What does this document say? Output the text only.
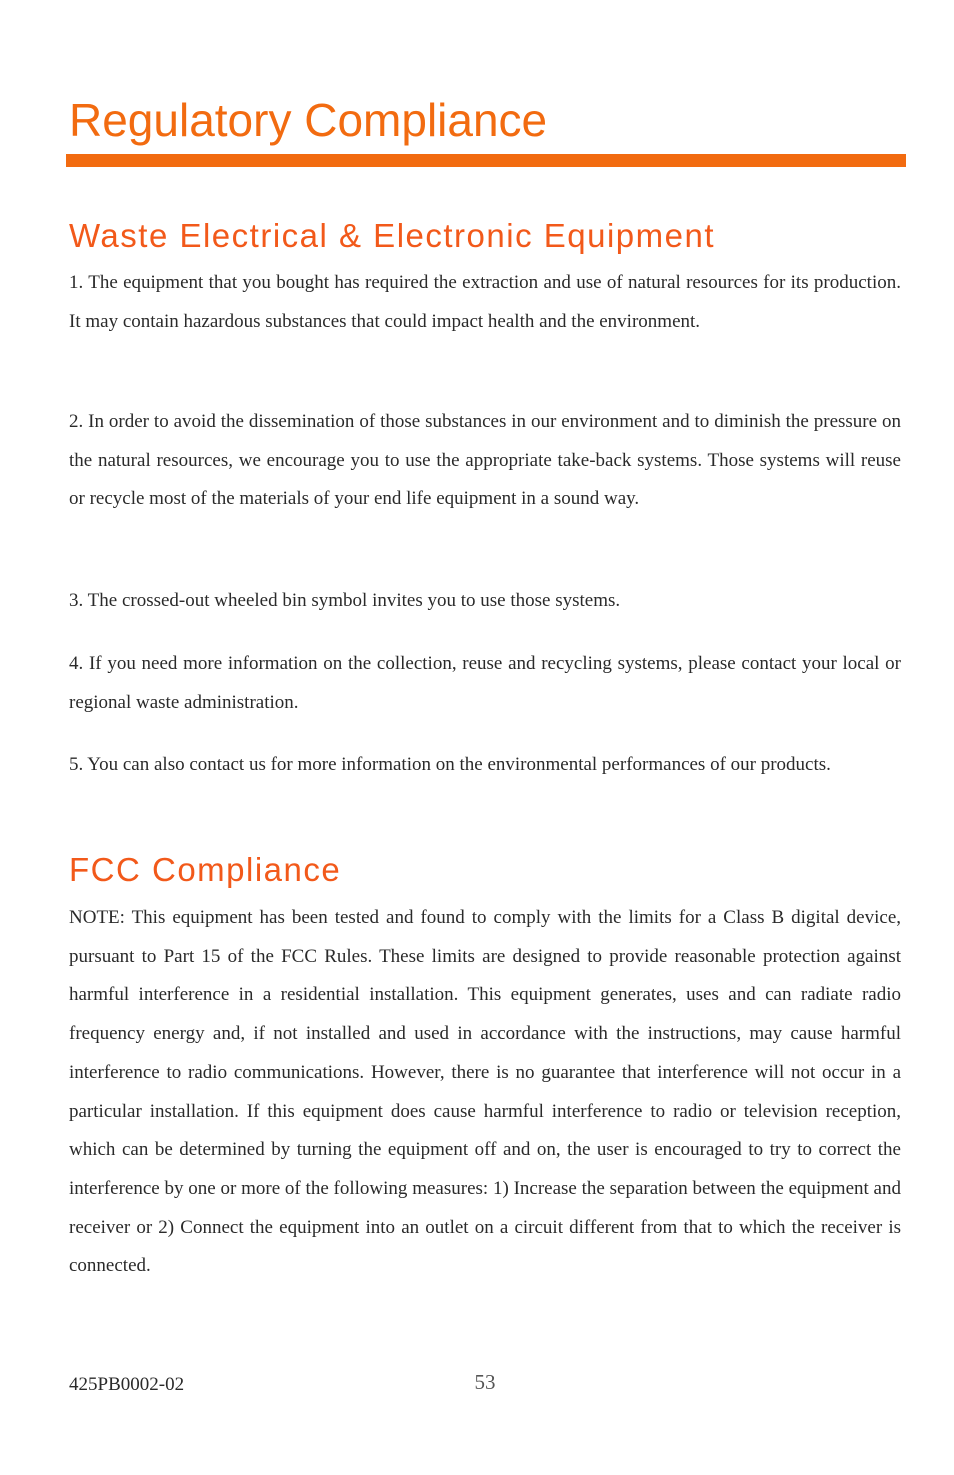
Regulatory Compliance
Waste Electrical & Electronic Equipment

1. The equipment that you bought has required the extraction and use of natural resources for its production. It may contain hazardous substances that could impact health and the environment.

2. In order to avoid the dissemination of those substances in our environment and to diminish the pressure on the natural resources, we encourage you to use the appropriate take-back systems. Those systems will reuse or recycle most of the materials of your end life equipment in a sound way.

3. The crossed-out wheeled bin symbol invites you to use those systems.

4. If you need more information on the collection, reuse and recycling systems, please contact your local or regional waste administration.

5. You can also contact us for more information on the environmental performances of our products.

FCC Compliance

NOTE: This equipment has been tested and found to comply with the limits for a Class B digital device, pursuant to Part 15 of the FCC Rules. These limits are designed to provide reasonable protection against harmful interference in a residential installation. This equipment generates, uses and can radiate radio frequency energy and, if not installed and used in accordance with the instructions, may cause harmful interference to radio communications. However, there is no guarantee that interference will not occur in a particular installation. If this equipment does cause harmful interference to radio or television reception, which can be determined by turning the equipment off and on, the user is encouraged to try to correct the interference by one or more of the following measures: 1) Increase the separation between the equipment and receiver or 2) Connect the equipment into an outlet on a circuit different from that to which the receiver is connected.

425PB0002-02	53
